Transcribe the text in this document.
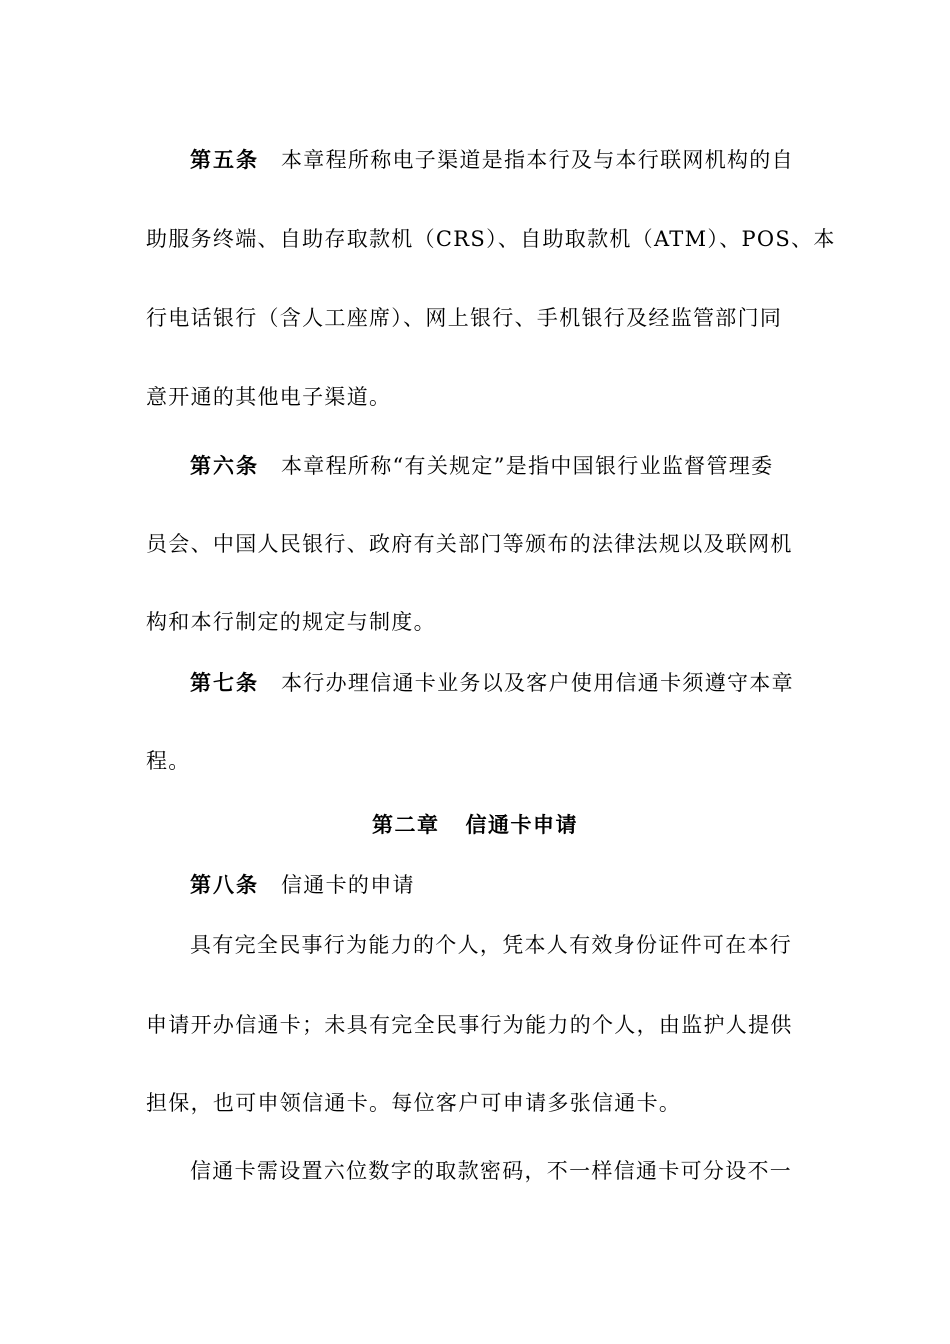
第五条 本章程所称电子渠道是指本行及与本行联网机构的自
助服务终端、自助存取款机（CRS）、自助取款机（ATM）、POS、本
行电话银行（含人工座席）、网上银行、手机银行及经监管部门同
意开通的其他电子渠道。
第六条 本章程所称“有关规定”是指中国银行业监督管理委
员会、中国人民银行、政府有关部门等颁布的法律法规以及联网机
构和本行制定的规定与制度。
第七条 本行办理信通卡业务以及客户使用信通卡须遵守本章
程。
第二章 信通卡申请
第八条 信通卡的申请
具有完全民事行为能力的个人，凭本人有效身份证件可在本行
申请开办信通卡；未具有完全民事行为能力的个人，由监护人提供
担保，也可申领信通卡。每位客户可申请多张信通卡。
信通卡需设置六位数字的取款密码，不一样信通卡可分设不一
